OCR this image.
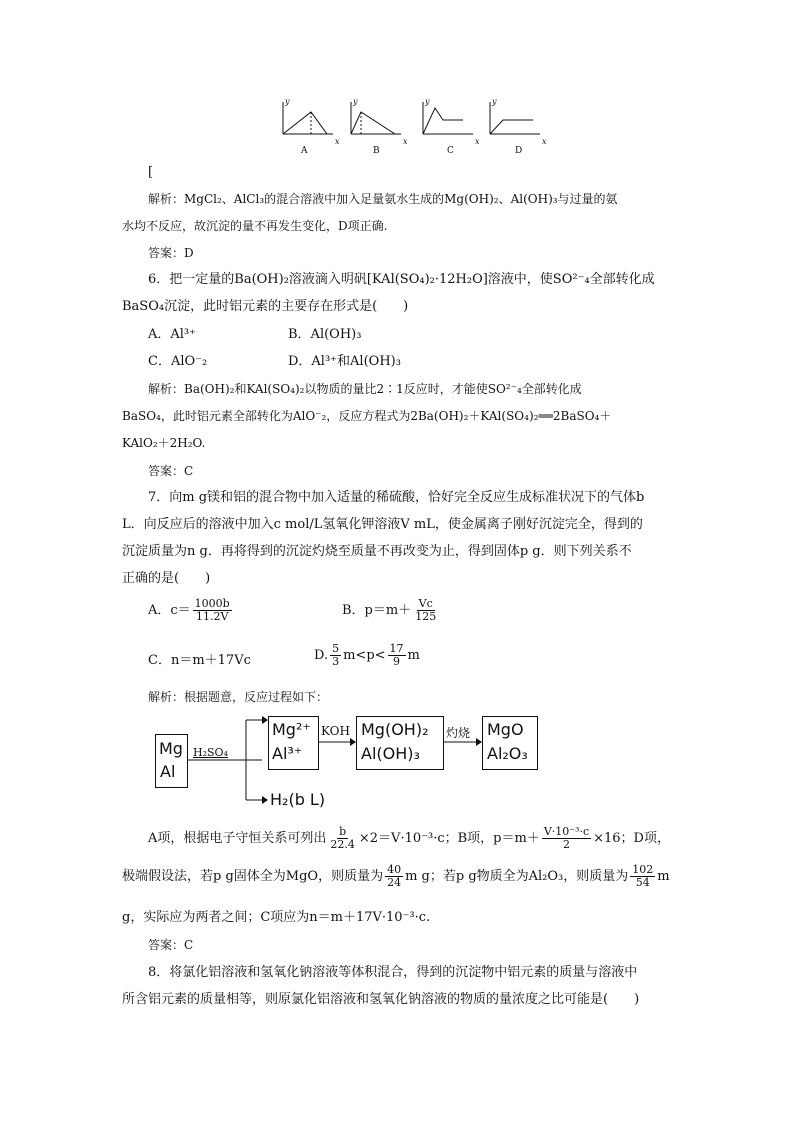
y
x
y
x
y
x
y
x
A	B	C	D
[
解析：MgCl₂、AlCl₃的混合溶液中加入足量氨水生成的Mg(OH)₂、Al(OH)₃与过量的氨
水均不反应，故沉淀的量不再发生变化，D项正确.
答案：D
6．把一定量的Ba(OH)₂溶液滴入明矾[KAl(SO₄)₂·12H₂O]溶液中，使SO²⁻₄全部转化成
BaSO₄沉淀，此时铝元素的主要存在形式是(　　)
A．Al³⁺	B．Al(OH)₃
C．AlO⁻₂	D．Al³⁺和Al(OH)₃
解析：Ba(OH)₂和KAl(SO₄)₂以物质的量比2∶1反应时，才能使SO²⁻₄全部转化成
BaSO₄，此时铝元素全部转化为AlO⁻₂，反应方程式为2Ba(OH)₂＋KAl(SO₄)₂══2BaSO₄＋
KAlO₂＋2H₂O.
答案：C
7．向m g镁和铝的混合物中加入适量的稀硫酸，恰好完全反应生成标准状况下的气体b
L．向反应后的溶液中加入c mol/L氢氧化钾溶液V mL，使金属离子刚好沉淀完全，得到的
沉淀质量为n g．再将得到的沉淀灼烧至质量不再改变为止，得到固体p g．则下列关系不
正确的是(　　)
A．$c= \frac{1000b}{11.2V}$	B．$p=m+ \frac{Vc}{125}$
C．n＝m＋17Vc	D. $\frac{5}{3} m<p< \frac{17}{9}$ m
解析：根据题意，反应过程如下：
Mg
Al
H₂SO₄
Mg²⁺
Al³⁺
KOH Mg(OH)₂
Al(OH)₃
灼烧 MgO
Al₂O₃
H₂(b L)
A项，根据电子守恒关系可列出 $\frac{b}{22.4} \times 2=V\cdot 10^{-3}\cdot c$；B项，$p=m+ \frac{\text{V·10⁻³·c}}{2} \times 16$；D项，
极端假设法，若p g固体全为MgO，则质量为 $\frac{40}{24}$ m g；若p g物质全为Al₂O₃，则质量为 $\frac{102}{54}$ m
g，实际应为两者之间；C项应为n＝m＋17V·10⁻³·c.
答案：C
8．将氯化铝溶液和氢氧化钠溶液等体积混合，得到的沉淀物中铝元素的质量与溶液中
所含铝元素的质量相等，则原氯化铝溶液和氢氧化钠溶液的物质的量浓度之比可能是(　　)
